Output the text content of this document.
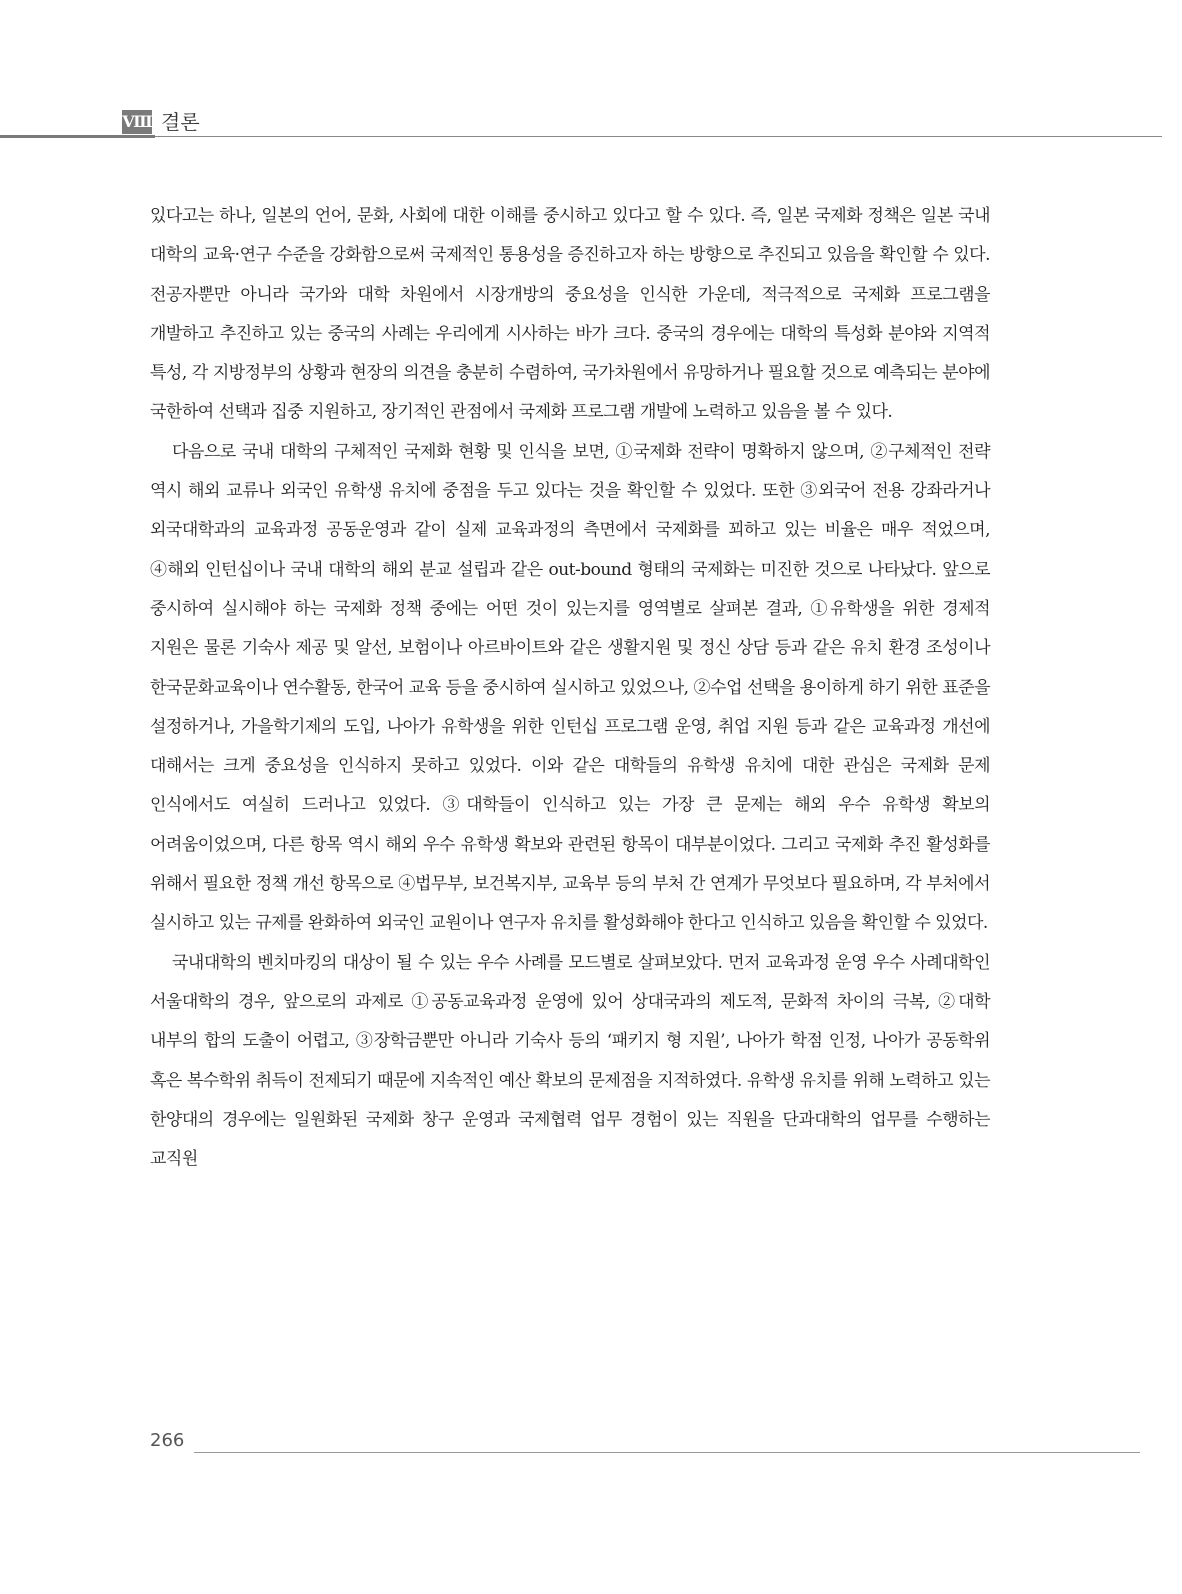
Ⅷ 결론

있다고는 하나, 일본의 언어, 문화, 사회에 대한 이해를 중시하고 있다고 할 수 있다. 즉, 일본 국제화 정책은 일본 국내 대학의 교육·연구 수준을 강화함으로써 국제적인 통용성을 증진하고자 하는 방향으로 추진되고 있음을 확인할 수 있다. 전공자뿐만 아니라 국가와 대학 차원에서 시장개방의 중요성을 인식한 가운데, 적극적으로 국제화 프로그램을 개발하고 추진하고 있는 중국의 사례는 우리에게 시사하는 바가 크다. 중국의 경우에는 대학의 특성화 분야와 지역적 특성, 각 지방정부의 상황과 현장의 의견을 충분히 수렴하여, 국가차원에서 유망하거나 필요할 것으로 예측되는 분야에 국한하여 선택과 집중 지원하고, 장기적인 관점에서 국제화 프로그램 개발에 노력하고 있음을 볼 수 있다.

다음으로 국내 대학의 구체적인 국제화 현황 및 인식을 보면, ①국제화 전략이 명확하지 않으며, ②구체적인 전략 역시 해외 교류나 외국인 유학생 유치에 중점을 두고 있다는 것을 확인할 수 있었다. 또한 ③외국어 전용 강좌라거나 외국대학과의 교육과정 공동운영과 같이 실제 교육과정의 측면에서 국제화를 꾀하고 있는 비율은 매우 적었으며, ④해외 인턴십이나 국내 대학의 해외 분교 설립과 같은 out-bound 형태의 국제화는 미진한 것으로 나타났다. 앞으로 중시하여 실시해야 하는 국제화 정책 중에는 어떤 것이 있는지를 영역별로 살펴본 결과, ①유학생을 위한 경제적 지원은 물론 기숙사 제공 및 알선, 보험이나 아르바이트와 같은 생활지원 및 정신 상담 등과 같은 유치 환경 조성이나 한국문화교육이나 연수활동, 한국어 교육 등을 중시하여 실시하고 있었으나, ②수업 선택을 용이하게 하기 위한 표준을 설정하거나, 가을학기제의 도입, 나아가 유학생을 위한 인턴십 프로그램 운영, 취업 지원 등과 같은 교육과정 개선에 대해서는 크게 중요성을 인식하지 못하고 있었다. 이와 같은 대학들의 유학생 유치에 대한 관심은 국제화 문제 인식에서도 여실히 드러나고 있었다. ③대학들이 인식하고 있는 가장 큰 문제는 해외 우수 유학생 확보의 어려움이었으며, 다른 항목 역시 해외 우수 유학생 확보와 관련된 항목이 대부분이었다. 그리고 국제화 추진 활성화를 위해서 필요한 정책 개선 항목으로 ④법무부, 보건복지부, 교육부 등의 부처 간 연계가 무엇보다 필요하며, 각 부처에서 실시하고 있는 규제를 완화하여 외국인 교원이나 연구자 유치를 활성화해야 한다고 인식하고 있음을 확인할 수 있었다.

국내대학의 벤치마킹의 대상이 될 수 있는 우수 사례를 모드별로 살펴보았다. 먼저 교육과정 운영 우수 사례대학인 서울대학의 경우, 앞으로의 과제로 ①공동교육과정 운영에 있어 상대국과의 제도적, 문화적 차이의 극복, ②대학 내부의 합의 도출이 어렵고, ③장학금뿐만 아니라 기숙사 등의 ‘패키지 형 지원’, 나아가 학점 인정, 나아가 공동학위 혹은 복수학위 취득이 전제되기 때문에 지속적인 예산 확보의 문제점을 지적하였다. 유학생 유치를 위해 노력하고 있는 한양대의 경우에는 일원화된 국제화 창구 운영과 국제협력 업무 경험이 있는 직원을 단과대학의 업무를 수행하는 교직원

266
